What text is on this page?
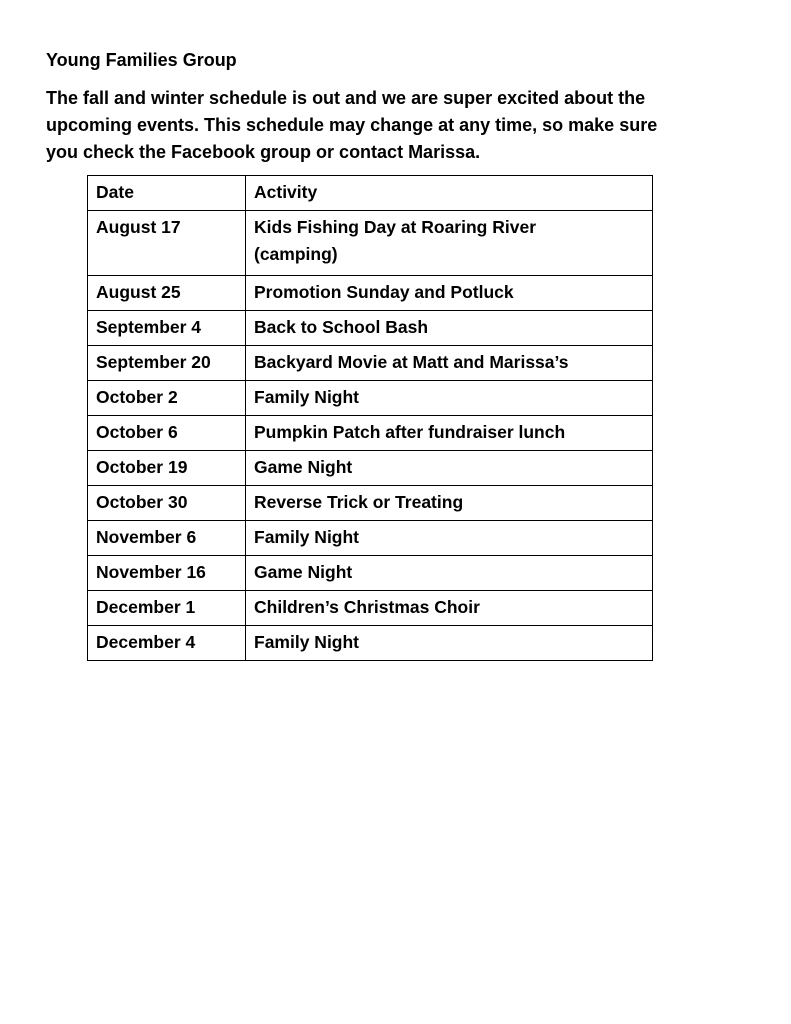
Young Families Group
The fall and winter schedule is out and we are super excited about the
upcoming events. This schedule may change at any time, so make sure
you check the Facebook group or contact Marissa.
Date	Activity
August 17	Kids Fishing Day at Roaring River
(camping)

August 25	Promotion Sunday and Potluck

September 4	Back to School Bash

September 20	Backyard Movie at Matt and Marissa’s

October 2	Family Night

October 6	Pumpkin Patch after fundraiser lunch

October 19	Game Night

October 30	Reverse Trick or Treating

November 6	Family Night

November 16	Game Night

December 1	Children’s Christmas Choir

December 4	Family Night
